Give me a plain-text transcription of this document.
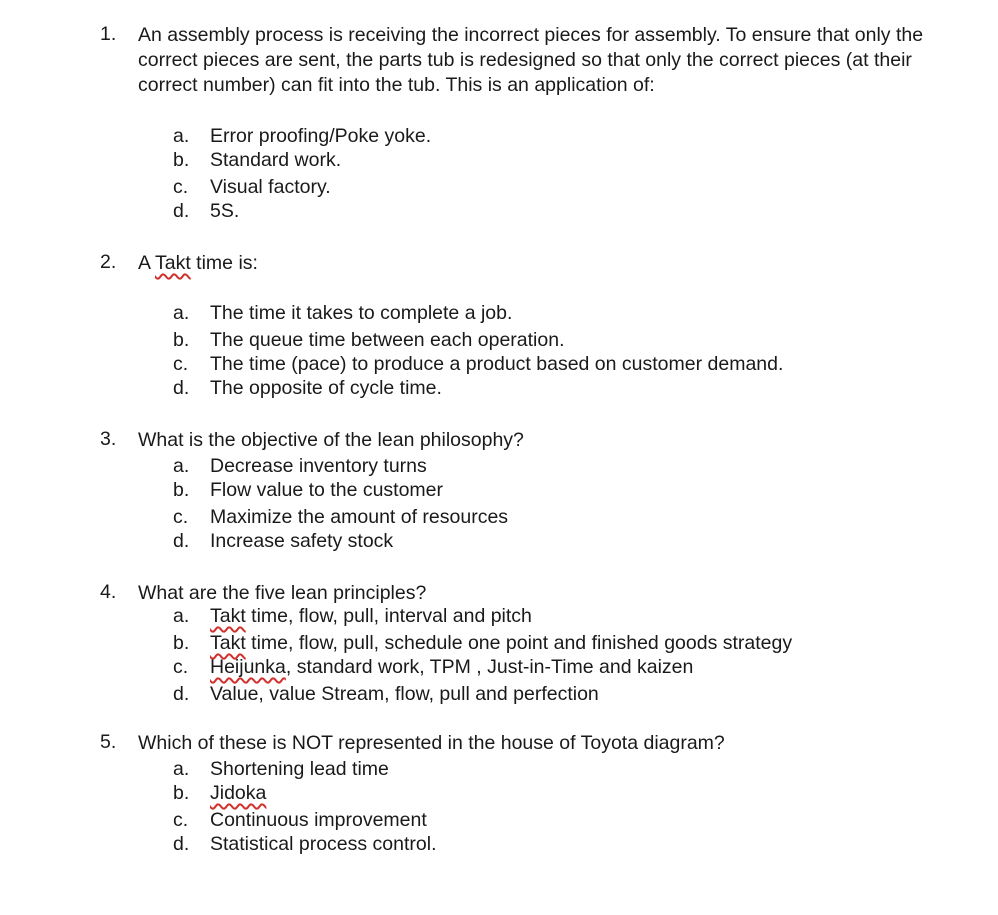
1. An assembly process is receiving the incorrect pieces for assembly. To ensure that only the correct pieces are sent, the parts tub is redesigned so that only the correct pieces (at their correct number) can fit into the tub. This is an application of:
a. Error proofing/Poke yoke.
b. Standard work.
c. Visual factory.
d. 5S.
2. A Takt time is:
a. The time it takes to complete a job.
b. The queue time between each operation.
c. The time (pace) to produce a product based on customer demand.
d. The opposite of cycle time.
3. What is the objective of the lean philosophy?
a. Decrease inventory turns
b. Flow value to the customer
c. Maximize the amount of resources
d. Increase safety stock
4. What are the five lean principles?
a. Takt time, flow, pull, interval and pitch
b. Takt time, flow, pull, schedule one point and finished goods strategy
c. Heijunka, standard work, TPM , Just-in-Time and kaizen
d. Value, value Stream, flow, pull and perfection
5. Which of these is NOT represented in the house of Toyota diagram?
a. Shortening lead time
b. Jidoka
c. Continuous improvement
d. Statistical process control.
